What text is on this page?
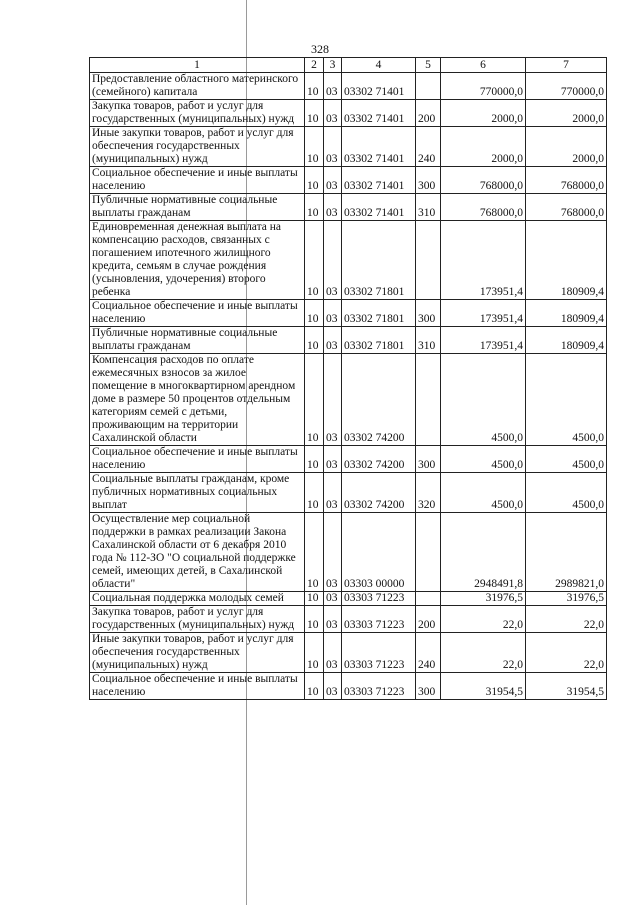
328
1	2	3	4	5	6	7
Предоставление областного материнского (семейного) капитала	10	03	03302 71401		770000,0	770000,0
Закупка товаров, работ и услуг для государственных (муниципальных) нужд	10	03	03302 71401	200	2000,0	2000,0
Иные закупки товаров, работ и услуг для обеспечения государственных (муниципальных) нужд	10	03	03302 71401	240	2000,0	2000,0
Социальное обеспечение и иные выплаты населению	10	03	03302 71401	300	768000,0	768000,0
Публичные нормативные социальные выплаты гражданам	10	03	03302 71401	310	768000,0	768000,0
Единовременная денежная выплата на компенсацию расходов, связанных с погашением ипотечного жилищного кредита, семьям в случае рождения (усыновления, удочерения) второго ребенка	10	03	03302 71801		173951,4	180909,4
Социальное обеспечение и иные выплаты населению	10	03	03302 71801	300	173951,4	180909,4
Публичные нормативные социальные выплаты гражданам	10	03	03302 71801	310	173951,4	180909,4
Компенсация расходов по оплате ежемесячных взносов за жилое помещение в многоквартирном арендном доме в размере 50 процентов отдельным категориям семей с детьми, проживающим на территории Сахалинской области	10	03	03302 74200		4500,0	4500,0
Социальное обеспечение и иные выплаты населению	10	03	03302 74200	300	4500,0	4500,0
Социальные выплаты гражданам, кроме публичных нормативных социальных выплат	10	03	03302 74200	320	4500,0	4500,0
Осуществление мер социальной поддержки в рамках реализации Закона Сахалинской области от 6 декабря 2010 года № 112-ЗО "О социальной поддержке семей, имеющих детей, в Сахалинской области"	10	03	03303 00000		2948491,8	2989821,0
Социальная поддержка молодых семей	10	03	03303 71223		31976,5	31976,5
Закупка товаров, работ и услуг для государственных (муниципальных) нужд	10	03	03303 71223	200	22,0	22,0
Иные закупки товаров, работ и услуг для обеспечения государственных (муниципальных) нужд	10	03	03303 71223	240	22,0	22,0
Социальное обеспечение и иные выплаты населению	10	03	03303 71223	300	31954,5	31954,5
